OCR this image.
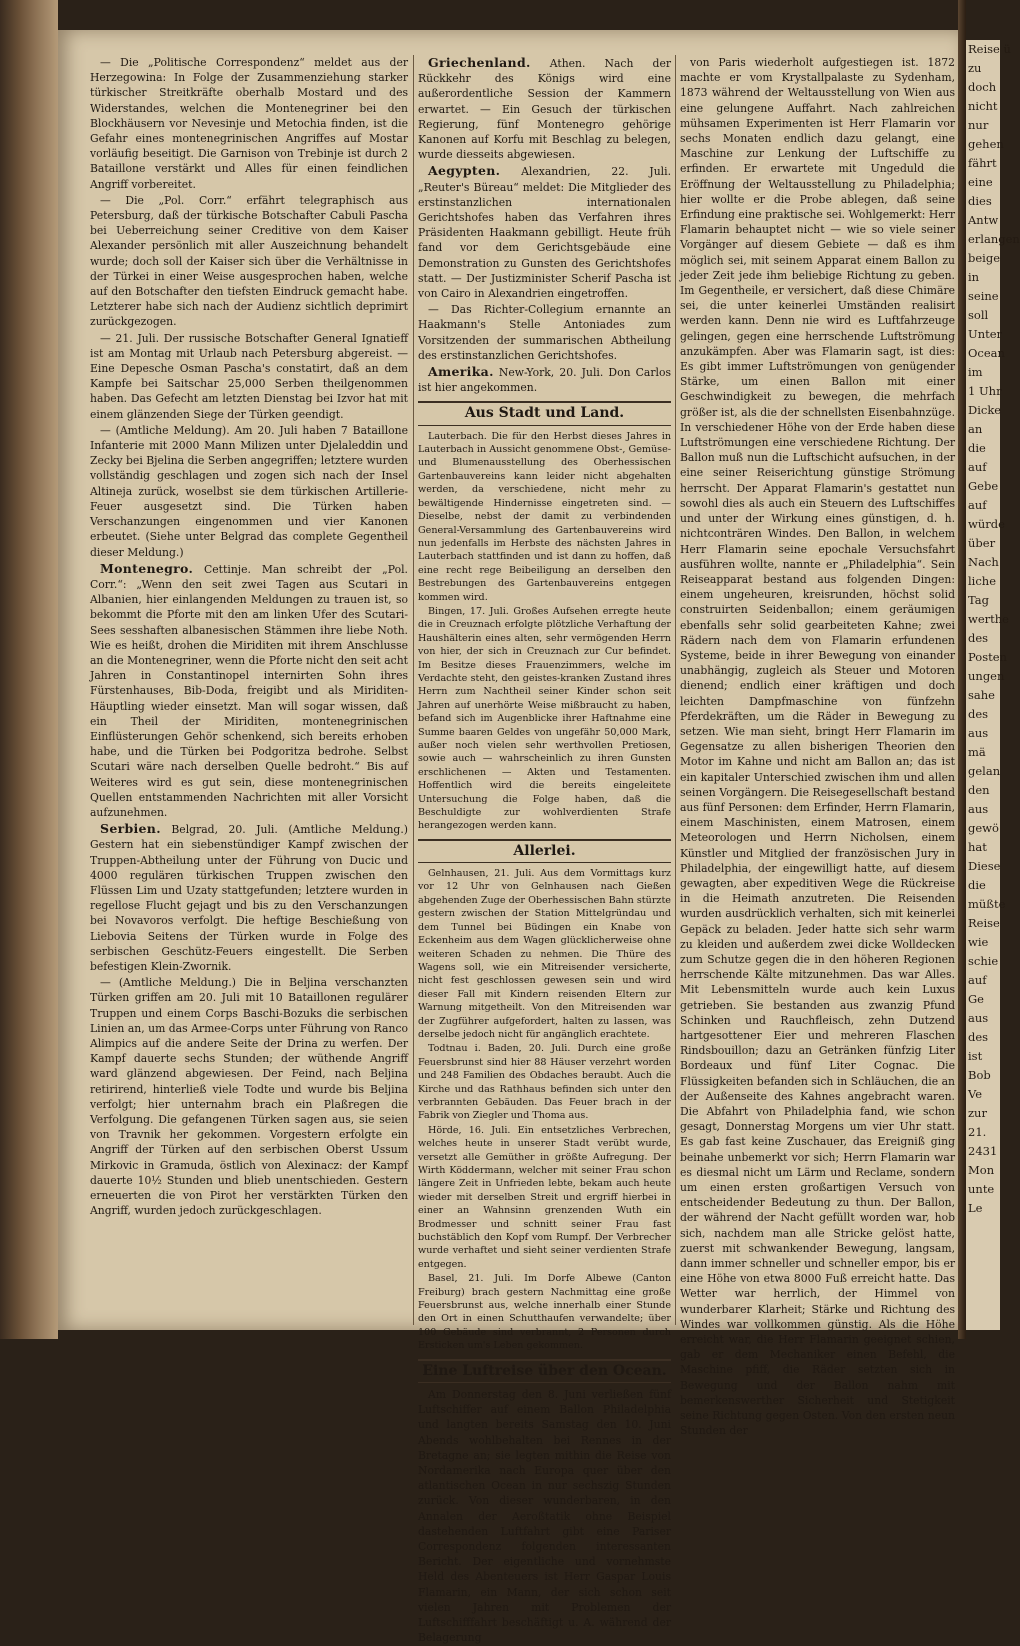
— Die „Politische Correspondenz“ meldet aus der Herzegowina: In Folge der Zusammenziehung starker türkischer Streitkräfte oberhalb Mostard und des Widerstandes, welchen die Montenegriner bei den Blockhäusern vor Nevesinje und Metochia finden, ist die Gefahr eines montenegrinischen Angriffes auf Mostar vorläufig beseitigt. Die Garnison von Trebinje ist durch 2 Bataillone verstärkt und Alles für einen feindlichen Angriff vorbereitet.

— Die „Pol. Corr.“ erfährt telegraphisch aus Petersburg, daß der türkische Botschafter Cabuli Pascha bei Ueberreichung seiner Creditive von dem Kaiser Alexander persönlich mit aller Auszeichnung behandelt wurde; doch soll der Kaiser sich über die Verhältnisse in der Türkei in einer Weise ausgesprochen haben, welche auf den Botschafter den tiefsten Eindruck gemacht habe. Letzterer habe sich nach der Audienz sichtlich deprimirt zurückgezogen.

— 21. Juli. Der russische Botschafter General Ignatieff ist am Montag mit Urlaub nach Petersburg abgereist. — Eine Depesche Osman Pascha's constatirt, daß an dem Kampfe bei Saitschar 25,000 Serben theilgenommen haben. Das Gefecht am letzten Dienstag bei Izvor hat mit einem glänzenden Siege der Türken geendigt.

— (Amtliche Meldung). Am 20. Juli haben 7 Bataillone Infanterie mit 2000 Mann Milizen unter Djelaleddin und Zecky bei Bjelina die Serben angegriffen; letztere wurden vollständig geschlagen und zogen sich nach der Insel Altineja zurück, woselbst sie dem türkischen Artillerie-Feuer ausgesetzt sind. Die Türken haben Verschanzungen eingenommen und vier Kanonen erbeutet. (Siehe unter Belgrad das complete Gegentheil dieser Meldung.)

Montenegro. Cettinje. Man schreibt der „Pol. Corr.“: „Wenn den seit zwei Tagen aus Scutari in Albanien, hier einlangenden Meldungen zu trauen ist, so bekommt die Pforte mit den am linken Ufer des Scutari-Sees sesshaften albanesischen Stämmen ihre liebe Noth. Wie es heißt, drohen die Miriditen mit ihrem Anschlusse an die Montenegriner, wenn die Pforte nicht den seit acht Jahren in Constantinopel internirten Sohn ihres Fürstenhauses, Bib-Doda, freigibt und als Miriditen-Häuptling wieder einsetzt. Man will sogar wissen, daß ein Theil der Miriditen, montenegrinischen Einflüsterungen Gehör schenkend, sich bereits erhoben habe, und die Türken bei Podgoritza bedrohe. Selbst Scutari wäre nach derselben Quelle bedroht.“ Bis auf Weiteres wird es gut sein, diese montenegrinischen Quellen entstammenden Nachrichten mit aller Vorsicht aufzunehmen.

Serbien. Belgrad, 20. Juli. (Amtliche Meldung.) Gestern hat ein siebenstündiger Kampf zwischen der Truppen-Abtheilung unter der Führung von Ducic und 4000 regulären türkischen Truppen zwischen den Flüssen Lim und Uzaty stattgefunden; letztere wurden in regellose Flucht gejagt und bis zu den Verschanzungen bei Novavoros verfolgt. Die heftige Beschießung von Liebovia Seitens der Türken wurde in Folge des serbischen Geschütz-Feuers eingestellt. Die Serben befestigen Klein-Zwornik.

— (Amtliche Meldung.) Die in Beljina verschanzten Türken griffen am 20. Juli mit 10 Bataillonen regulärer Truppen und einem Corps Baschi-Bozuks die serbischen Linien an, um das Armee-Corps unter Führung von Ranco Alimpics auf die andere Seite der Drina zu werfen. Der Kampf dauerte sechs Stunden; der wüthende Angriff ward glänzend abgewiesen. Der Feind, nach Beljina retirirend, hinterließ viele Todte und wurde bis Beljina verfolgt; hier unternahm brach ein Plaßregen die Verfolgung. Die gefangenen Türken sagen aus, sie seien von Travnik her gekommen. Vorgestern erfolgte ein Angriff der Türken auf den serbischen Oberst Ussum Mirkovic in Gramuda, östlich von Alexinacz: der Kampf dauerte 10½ Stunden und blieb unentschieden. Gestern erneuerten die von Pirot her verstärkten Türken den Angriff, wurden jedoch zurückgeschlagen.

Griechenland. Athen. Nach der Rückkehr des Königs wird eine außerordentliche Session der Kammern erwartet. — Ein Gesuch der türkischen Regierung, fünf Montenegro gehörige Kanonen auf Korfu mit Beschlag zu belegen, wurde diesseits abgewiesen.

Aegypten. Alexandrien, 22. Juli. „Reuter's Büreau“ meldet: Die Mitglieder des erstinstanzlichen internationalen Gerichtshofes haben das Verfahren ihres Präsidenten Haakmann gebilligt. Heute früh fand vor dem Gerichtsgebäude eine Demonstration zu Gunsten des Gerichtshofes statt. — Der Justizminister Scherif Pascha ist von Cairo in Alexandrien eingetroffen.

— Das Richter-Collegium ernannte an Haakmann's Stelle Antoniades zum Vorsitzenden der summarischen Abtheilung des erstinstanzlichen Gerichtshofes.

Amerika. New-York, 20. Juli. Don Carlos ist hier angekommen.

Aus Stadt und Land.

Lauterbach. Die für den Herbst dieses Jahres in Lauterbach in Aussicht genommene Obst-, Gemüse- und Blumenausstellung des Oberhessischen Gartenbauvereins kann leider nicht abgehalten werden, da verschiedene, nicht mehr zu bewältigende Hindernisse eingetreten sind. — Dieselbe, nebst der damit zu verbindenden General-Versammlung des Gartenbauvereins wird nun jedenfalls im Herbste des nächsten Jahres in Lauterbach stattfinden und ist dann zu hoffen, daß eine recht rege Beibeiligung an derselben den Bestrebungen des Gartenbauvereins entgegen kommen wird.

Bingen, 17. Juli. Großes Aufsehen erregte heute die in Creuznach erfolgte plötzliche Verhaftung der Haushälterin eines alten, sehr vermögenden Herrn von hier, der sich in Creuznach zur Cur befindet. Im Besitze dieses Frauenzimmers, welche im Verdachte steht, den geistes-kranken Zustand ihres Herrn zum Nachtheil seiner Kinder schon seit Jahren auf unerhörte Weise mißbraucht zu haben, befand sich im Augenblicke ihrer Haftnahme eine Summe baaren Geldes von ungefähr 50,000 Mark, außer noch vielen sehr werthvollen Pretiosen, sowie auch — wahrscheinlich zu ihren Gunsten erschlichenen — Akten und Testamenten. Hoffentlich wird die bereits eingeleitete Untersuchung die Folge haben, daß die Beschuldigte zur wohlverdienten Strafe herangezogen werden kann.

Allerlei.

Gelnhausen, 21. Juli. Aus dem Vormittags kurz vor 12 Uhr von Gelnhausen nach Gießen abgehenden Zuge der Oberhessischen Bahn stürzte gestern zwischen der Station Mittelgründau und dem Tunnel bei Büdingen ein Knabe von Eckenheim aus dem Wagen glücklicherweise ohne weiteren Schaden zu nehmen. Die Thüre des Wagens soll, wie ein Mitreisender versicherte, nicht fest geschlossen gewesen sein und wird dieser Fall mit Kindern reisenden Eltern zur Warnung mitgetheilt. Von den Mitreisenden war der Zugführer aufgefordert, halten zu lassen, was derselbe jedoch nicht für angänglich erachtete.

Todtnau i. Baden, 20. Juli. Durch eine große Feuersbrunst sind hier 88 Häuser verzehrt worden und 248 Familien des Obdaches beraubt. Auch die Kirche und das Rathhaus befinden sich unter den verbrannten Gebäuden. Das Feuer brach in der Fabrik von Ziegler und Thoma aus.

Hörde, 16. Juli. Ein entsetzliches Verbrechen, welches heute in unserer Stadt verübt wurde, versetzt alle Gemüther in größte Aufregung. Der Wirth Köddermann, welcher mit seiner Frau schon längere Zeit in Unfrieden lebte, bekam auch heute wieder mit derselben Streit und ergriff hierbei in einer an Wahnsinn grenzenden Wuth ein Brodmesser und schnitt seiner Frau fast buchstäblich den Kopf vom Rumpf. Der Verbrecher wurde verhaftet und sieht seiner verdienten Strafe entgegen.

Basel, 21. Juli. Im Dorfe Albewe (Canton Freiburg) brach gestern Nachmittag eine große Feuersbrunst aus, welche innerhalb einer Stunde den Ort in einen Schutthaufen verwandelte; über 100 Gebäude sind verbrannt, 2 Personen durch Ersticken um's Leben gekommen.

Eine Luftreise über den Ocean.

Am Donnerstag den 8. Juni verließen fünf Luftschiffer auf einem Ballon Philadelphia und langten bereits Samstag den 10. Juni Abends wohlbehalten bei Rennes in der Bretagne an; sie legten mithin die Reise von Nordamerika nach Europa quer über den atlantischen Ocean in nur sechszig Stunden zurück. Von dieser wunderbaren, in den Annalen der Aeroßtatik ohne Beispiel dastehenden Luftfahrt gibt eine Pariser Correspondenz folgenden interessanten Bericht. Der eigentliche und vornehmste Held des Abenteuers ist Herr Gaspar Louis Flamarin, ein Mann, der sich schon seit vielen Jahren mit Problemen der Luftschifffahrt beschäftigt u. A. während der Belagerung

von Paris wiederholt aufgestiegen ist. 1872 machte er vom Krystallpalaste zu Sydenham, 1873 während der Weltausstellung von Wien aus eine gelungene Auffahrt. Nach zahlreichen mühsamen Experimenten ist Herr Flamarin vor sechs Monaten endlich dazu gelangt, eine Maschine zur Lenkung der Luftschiffe zu erfinden. Er erwartete mit Ungeduld die Eröffnung der Weltausstellung zu Philadelphia; hier wollte er die Probe ablegen, daß seine Erfindung eine praktische sei. Wohlgemerkt: Herr Flamarin behauptet nicht — wie so viele seiner Vorgänger auf diesem Gebiete — daß es ihm möglich sei, mit seinem Apparat einem Ballon zu jeder Zeit jede ihm beliebige Richtung zu geben. Im Gegentheile, er versichert, daß diese Chimäre sei, die unter keinerlei Umständen realisirt werden kann. Denn nie wird es Luftfahrzeuge gelingen, gegen eine herrschende Luftströmung anzukämpfen. Aber was Flamarin sagt, ist dies: Es gibt immer Luftströmungen von genügender Stärke, um einen Ballon mit einer Geschwindigkeit zu bewegen, die mehrfach größer ist, als die der schnellsten Eisenbahnzüge. In verschiedener Höhe von der Erde haben diese Luftströmungen eine verschiedene Richtung. Der Ballon muß nun die Luftschicht aufsuchen, in der eine seiner Reiserichtung günstige Strömung herrscht. Der Apparat Flamarin's gestattet nun sowohl dies als auch ein Steuern des Luftschiffes und unter der Wirkung eines günstigen, d. h. nichtconträren Windes. Den Ballon, in welchem Herr Flamarin seine epochale Versuchsfahrt ausführen wollte, nannte er „Philadelphia“. Sein Reiseapparat bestand aus folgenden Dingen: einem ungeheuren, kreisrunden, höchst solid construirten Seidenballon; einem geräumigen ebenfalls sehr solid gearbeiteten Kahne; zwei Rädern nach dem von Flamarin erfundenen Systeme, beide in ihrer Bewegung von einander unabhängig, zugleich als Steuer und Motoren dienend; endlich einer kräftigen und doch leichten Dampfmaschine von fünfzehn Pferdekräften, um die Räder in Bewegung zu setzen. Wie man sieht, bringt Herr Flamarin im Gegensatze zu allen bisherigen Theorien den Motor im Kahne und nicht am Ballon an; das ist ein kapitaler Unterschied zwischen ihm und allen seinen Vorgängern. Die Reisegesellschaft bestand aus fünf Personen: dem Erfinder, Herrn Flamarin, einem Maschinisten, einem Matrosen, einem Meteorologen und Herrn Nicholsen, einem Künstler und Mitglied der französischen Jury in Philadelphia, der eingewilligt hatte, auf diesem gewagten, aber expeditiven Wege die Rückreise in die Heimath anzutreten. Die Reisenden wurden ausdrücklich verhalten, sich mit keinerlei Gepäck zu beladen. Jeder hatte sich sehr warm zu kleiden und außerdem zwei dicke Wolldecken zum Schutze gegen die in den höheren Regionen herrschende Kälte mitzunehmen. Das war Alles. Mit Lebensmitteln wurde auch kein Luxus getrieben. Sie bestanden aus zwanzig Pfund Schinken und Rauchfleisch, zehn Dutzend hartgesottener Eier und mehreren Flaschen Rindsbouillon; dazu an Getränken fünfzig Liter Bordeaux und fünf Liter Cognac. Die Flüssigkeiten befanden sich in Schläuchen, die an der Außenseite des Kahnes angebracht waren. Die Abfahrt von Philadelphia fand, wie schon gesagt, Donnerstag Morgens um vier Uhr statt. Es gab fast keine Zuschauer, das Ereigniß ging beinahe unbemerkt vor sich; Herrn Flamarin war es diesmal nicht um Lärm und Reclame, sondern um einen ersten großartigen Versuch von entscheidender Bedeutung zu thun. Der Ballon, der während der Nacht gefüllt worden war, hob sich, nachdem man alle Stricke gelöst hatte, zuerst mit schwankender Bewegung, langsam, dann immer schneller und schneller empor, bis er eine Höhe von etwa 8000 Fuß erreicht hatte. Das Wetter war herrlich, der Himmel von wunderbarer Klarheit; Stärke und Richtung des Windes war vollkommen günstig. Als die Höhe erreicht war, die Herr Flamarin geeignet schien, gab er dem Mechaniker einen Befehl, die Maschine pfiff, die Räder setzten sich in Bewegung und der Ballon nahm mit bemerkenswerther Sicherheit und Stetigkeit seine Richtung gegen Osten. Von den ersten neun Stunden der

Reise ü
zu
doch
nicht
nur
gehen
fährt
eine
dies
Antw
erlangen
beige
in
seine
soll
Unter
Ocean
im
1 Uhr
Dicke
an
die
auf
Gebe
auf
würde
über
Nach
liche
Tag
werthe
des
Posten
ungen
sahe
des
aus
mä
gelan
den
aus
gewö
hat
Diese
die
müßte
Reise
wie
schie
auf
Ge
aus
des
ist
Bob
Ve
zur
21.
2431
Mon
unte
Le
